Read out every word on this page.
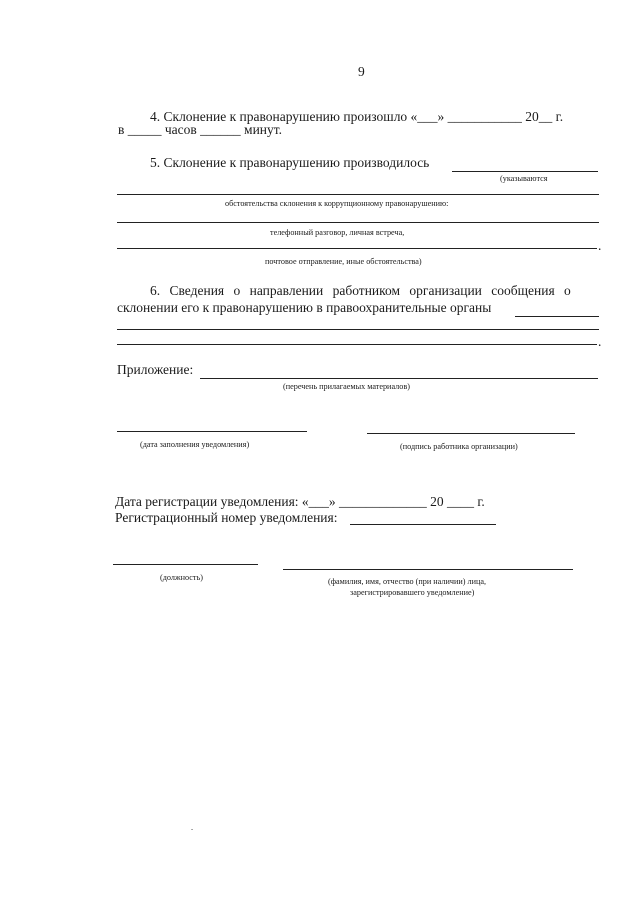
9
4. Склонение к правонарушению произошло «___» ___________ 20__ г.
в _____ часов ______ минут.
5. Склонение к правонарушению производилось
(указываются
обстоятельства склонения к коррупционному правонарушению:
телефонный разговор, личная встреча,
.
почтовое отправление, иные обстоятельства)
6. Сведения о направлении работником организации сообщения о
склонении его к правонарушению в правоохранительные органы
.
Приложение:
(перечень прилагаемых материалов)
(дата заполнения уведомления)	(подпись работника организации)
Дата регистрации уведомления: «___» _____________ 20 ____ г.
Регистрационный номер уведомления:
(должность)	(фамилия, имя, отчество (при наличии) лица,
зарегистрировавшего уведомление)
.
